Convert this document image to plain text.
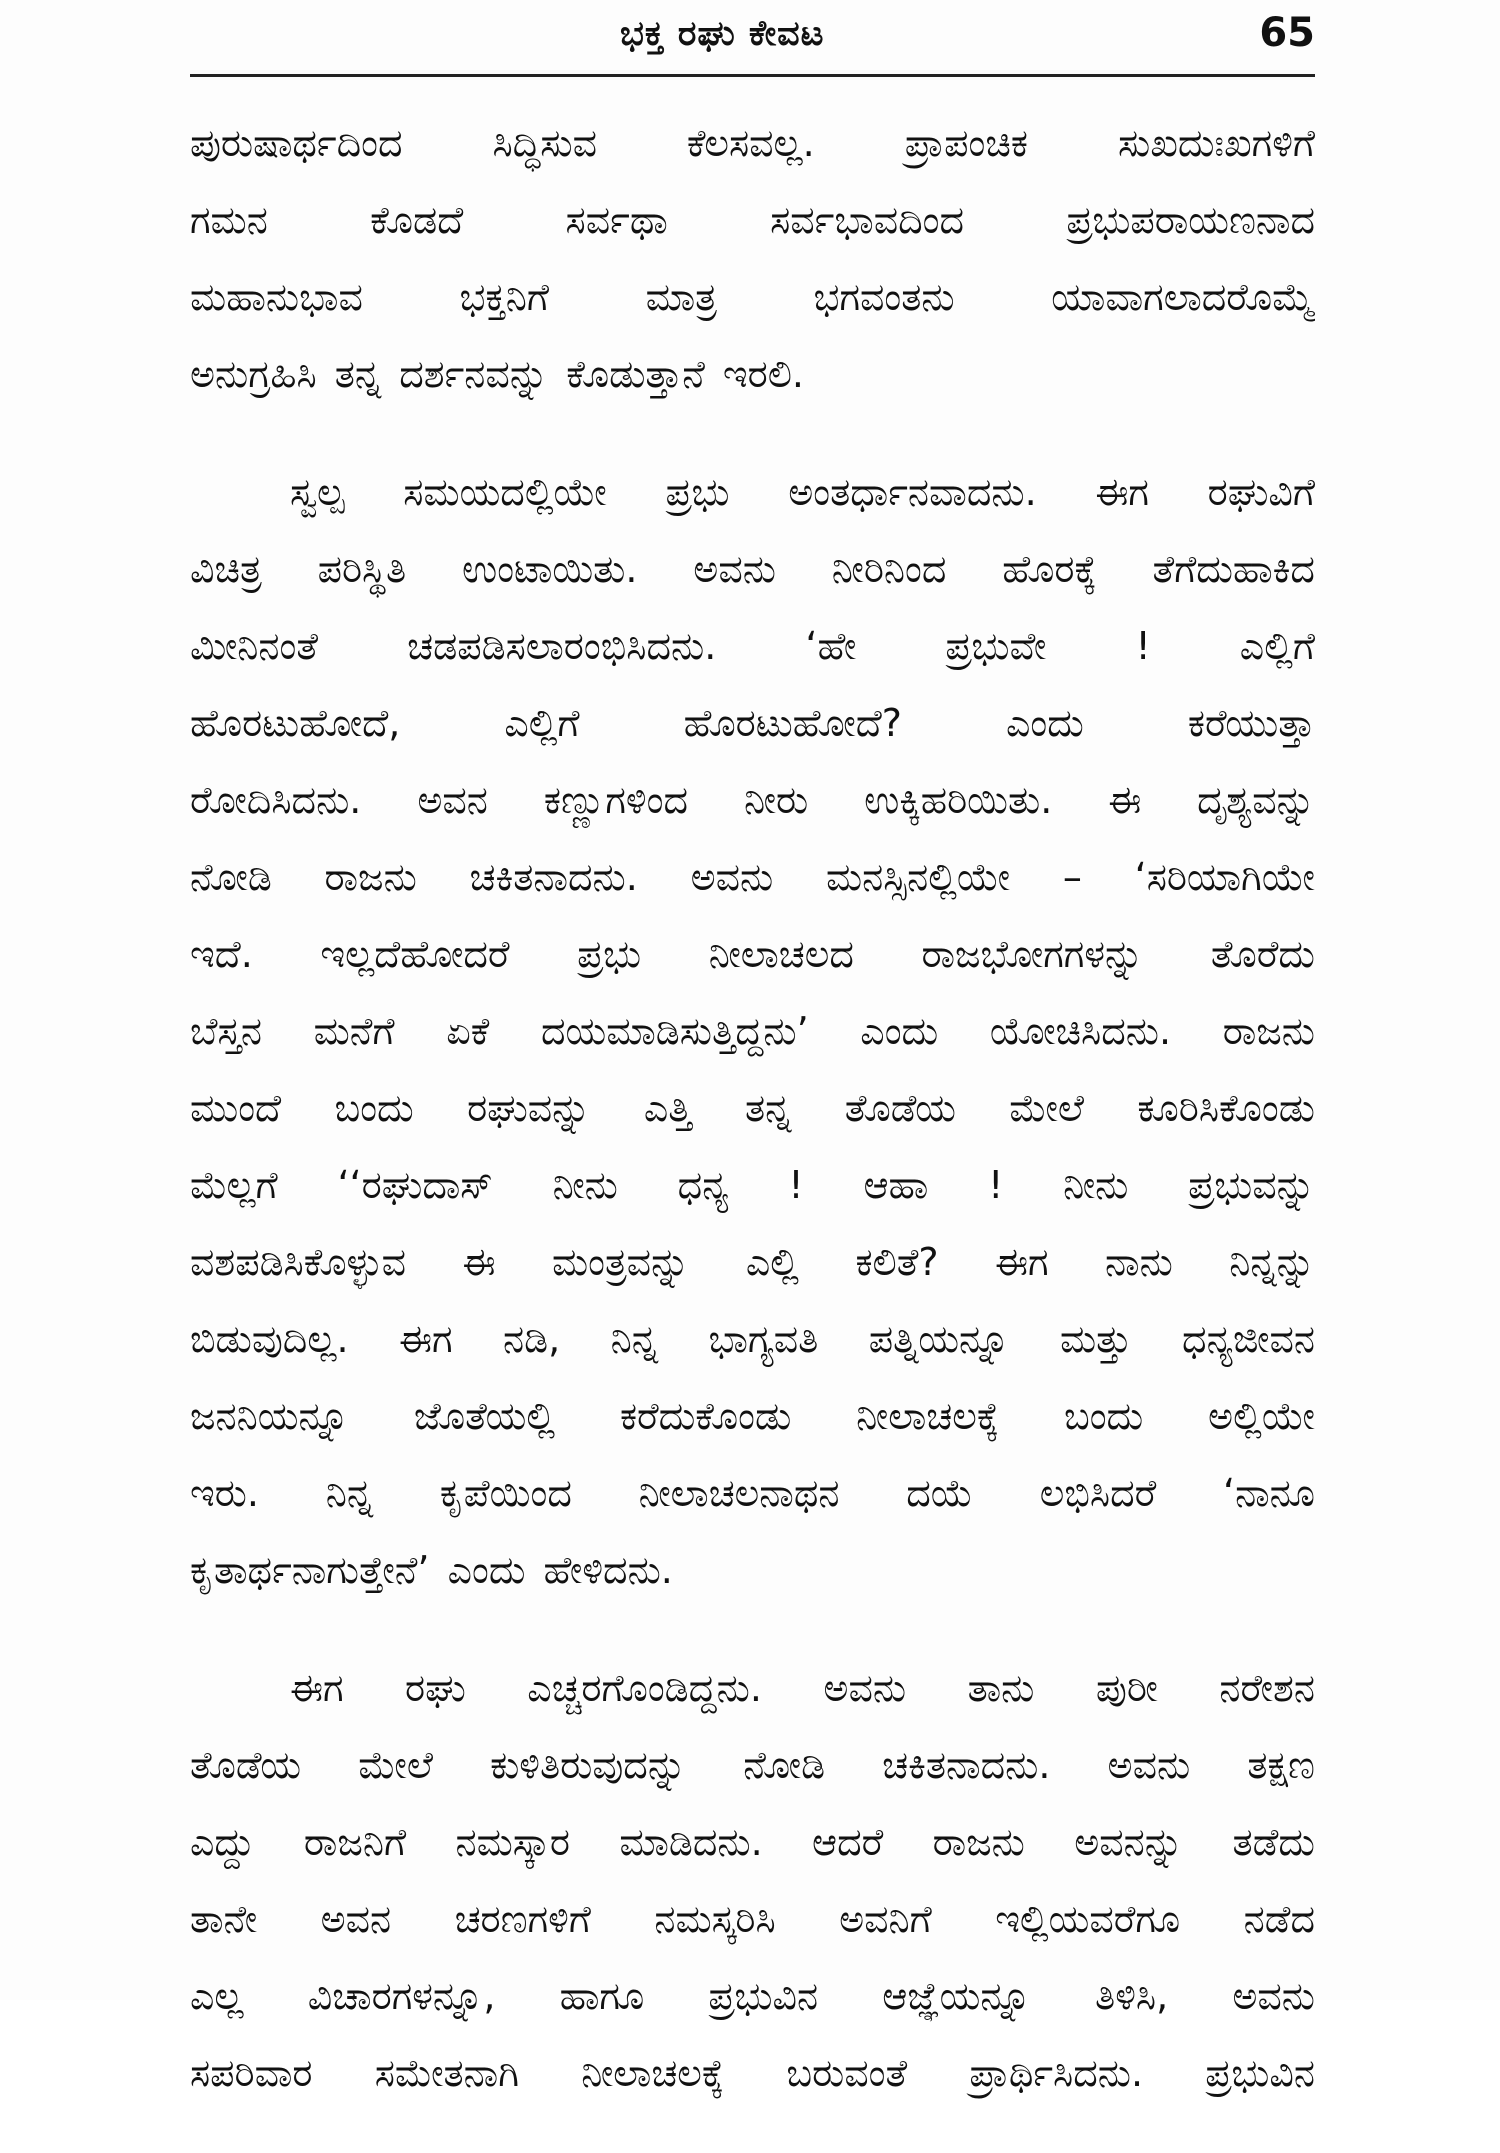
ಭಕ್ತ ರಘು ಕೇವಟ	65
ಪುರುಷಾರ್ಥದಿಂದ ಸಿದ್ಧಿಸುವ ಕೆಲಸವಲ್ಲ. ಪ್ರಾಪಂಚಿಕ ಸುಖದುಃಖಗಳಿಗೆ
ಗಮನ ಕೊಡದೆ ಸರ್ವಥಾ ಸರ್ವಭಾವದಿಂದ ಪ್ರಭುಪರಾಯಣನಾದ
ಮಹಾನುಭಾವ ಭಕ್ತನಿಗೆ ಮಾತ್ರ ಭಗವಂತನು ಯಾವಾಗಲಾದರೊಮ್ಮೆ
ಅನುಗ್ರಹಿಸಿ ತನ್ನ ದರ್ಶನವನ್ನು ಕೊಡುತ್ತಾನೆ ಇರಲಿ.
ಸ್ವಲ್ಪ ಸಮಯದಲ್ಲಿಯೇ ಪ್ರಭು ಅಂತರ್ಧಾನವಾದನು. ಈಗ ರಘುವಿಗೆ
ವಿಚಿತ್ರ ಪರಿಸ್ಥಿತಿ ಉಂಟಾಯಿತು. ಅವನು ನೀರಿನಿಂದ ಹೊರಕ್ಕೆ ತೆಗೆದುಹಾಕಿದ
ಮೀನಿನಂತೆ ಚಡಪಡಿಸಲಾರಂಭಿಸಿದನು. ‘ಹೇ ಪ್ರಭುವೇ ! ಎಲ್ಲಿಗೆ
ಹೊರಟುಹೋದೆ, ಎಲ್ಲಿಗೆ ಹೊರಟುಹೋದೆ? ಎಂದು ಕರೆಯುತ್ತಾ
ರೋದಿಸಿದನು. ಅವನ ಕಣ್ಣುಗಳಿಂದ ನೀರು ಉಕ್ಕಿಹರಿಯಿತು. ಈ ದೃಶ್ಯವನ್ನು
ನೋಡಿ ರಾಜನು ಚಕಿತನಾದನು. ಅವನು ಮನಸ್ಸಿನಲ್ಲಿಯೇ – ‘ಸರಿಯಾಗಿಯೇ
ಇದೆ. ಇಲ್ಲದೆಹೋದರೆ ಪ್ರಭು ನೀಲಾಚಲದ ರಾಜಭೋಗಗಳನ್ನು ತೊರೆದು
ಬೆಸ್ತನ ಮನೆಗೆ ಏಕೆ ದಯಮಾಡಿಸುತ್ತಿದ್ದನು’ ಎಂದು ಯೋಚಿಸಿದನು. ರಾಜನು
ಮುಂದೆ ಬಂದು ರಘುವನ್ನು ಎತ್ತಿ ತನ್ನ ತೊಡೆಯ ಮೇಲೆ ಕೂರಿಸಿಕೊಂಡು
ಮೆಲ್ಲಗೆ ‘‘ರಘುದಾಸ್ ನೀನು ಧನ್ಯ ! ಆಹಾ ! ನೀನು ಪ್ರಭುವನ್ನು
ವಶಪಡಿಸಿಕೊಳ್ಳುವ ಈ ಮಂತ್ರವನ್ನು ಎಲ್ಲಿ ಕಲಿತೆ? ಈಗ ನಾನು ನಿನ್ನನ್ನು
ಬಿಡುವುದಿಲ್ಲ. ಈಗ ನಡಿ, ನಿನ್ನ ಭಾಗ್ಯವತಿ ಪತ್ನಿಯನ್ನೂ ಮತ್ತು ಧನ್ಯಜೀವನ
ಜನನಿಯನ್ನೂ ಜೊತೆಯಲ್ಲಿ ಕರೆದುಕೊಂಡು ನೀಲಾಚಲಕ್ಕೆ ಬಂದು ಅಲ್ಲಿಯೇ
ಇರು. ನಿನ್ನ ಕೃಪೆಯಿಂದ ನೀಲಾಚಲನಾಥನ ದಯೆ ಲಭಿಸಿದರೆ ‘ನಾನೂ
ಕೃತಾರ್ಥನಾಗುತ್ತೇನೆ’ ಎಂದು ಹೇಳಿದನು.
ಈಗ ರಘು ಎಚ್ಚರಗೊಂಡಿದ್ದನು. ಅವನು ತಾನು ಪುರೀ ನರೇಶನ
ತೊಡೆಯ ಮೇಲೆ ಕುಳಿತಿರುವುದನ್ನು ನೋಡಿ ಚಕಿತನಾದನು. ಅವನು ತಕ್ಷಣ
ಎದ್ದು ರಾಜನಿಗೆ ನಮಸ್ಕಾರ ಮಾಡಿದನು. ಆದರೆ ರಾಜನು ಅವನನ್ನು ತಡೆದು
ತಾನೇ ಅವನ ಚರಣಗಳಿಗೆ ನಮಸ್ಕರಿಸಿ ಅವನಿಗೆ ಇಲ್ಲಿಯವರೆಗೂ ನಡೆದ
ಎಲ್ಲ ವಿಚಾರಗಳನ್ನೂ, ಹಾಗೂ ಪ್ರಭುವಿನ ಆಜ್ಞೆಯನ್ನೂ ತಿಳಿಸಿ, ಅವನು
ಸಪರಿವಾರ ಸಮೇತನಾಗಿ ನೀಲಾಚಲಕ್ಕೆ ಬರುವಂತೆ ಪ್ರಾರ್ಥಿಸಿದನು. ಪ್ರಭುವಿನ
